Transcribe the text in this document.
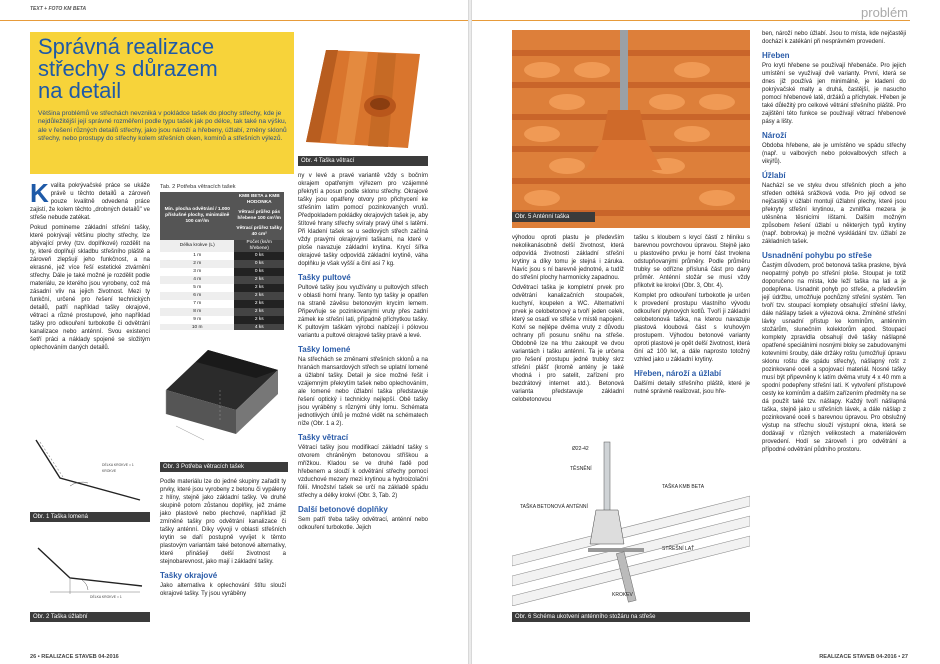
TEXT + FOTO KM BETA
Správná realizace střechy s důrazem na detail
Většina problémů ve střechách nevzniká v pokládce tašek do plochy střechy, kde je nejdůležitější její správné rozměření podle typu tašek jak po délce, tak také na výšku, ale v řešení různých detailů střechy, jako jsou nároží a hřebeny, úžlabí, změny sklonů střechy, nebo prostupy do střechy kolem střešních oken, komínů a střešních výlezů.
Obr. 4 Taška větrací
Tab. 2 Potřeba větracích tašek
Min. plocha odvětrání / 1.000 příslušné plochy, minimálně 100 cm²/m	KMB BETA a KMB HODONKA
	Větrací průřez pás hřebene 100 cm²/m
	Větrací průřez tašky 40 cm²
Délka krokve (L)	Počet (ks/m hřebene)
1 m	0 ks
2 m	0 ks
3 m	0 ks
4 m	2 ks
5 m	2 ks
6 m	2 ks
7 m	2 ks
8 m	2 ks
9 m	2 ks
10 m	4 ks

Kvalita pokrývačské práce se ukáže právě u těchto detailů a zároveň pouze kvalitně odvedená práce zajistí, že kolem těchto „drobných detailů" ve střeše nebude zatékat.

Pokud pomineme základní střešní tašky, které pokrývají většinu plochy střechy, lze abývající prvky (tzv. doplňkové) rozdělit na ty, které doplňují skladbu střešního pláště a zároveň zlepšují jeho funkčnost, a na ekrasné, jež více řeší estetické ztvárnění střechy. Dále je také možné je rozdělit podle materiálu, ze kterého jsou vyrobeny, což má zásadní vliv na jejich životnost. Mezi ty funkční, určené pro řešení technických detailů, patří například tašky okrajové, větrací a různé prostupové, jeho například tašky pro odkouření turbokotle či odvětrání kanalizace nebo anténní. Svou existencí šetří práci a náklady spojené se složitým oplechováním daných detailů.

DÉLKA KROKVE = 1
KROKVE
Obr. 1 Taška lomená
DÉLKA KROKVE = 1
Obr. 2 Taška úžlabní
Obr. 3 Potřeba větracích tašek

Podle materiálu lze do jedné skupiny zařadit ty prvky, které jsou vyrobeny z betonu či vypáleny z hlíny, stejně jako základní tašky. Ve druhé skupině potom zůstanou doplňky, jež známe jako plastové nebo plechové, například již zmíněné tašky pro odvětrání kanalizace či tašky anténní. Díky vývoji v oblasti střešních krytin se daří postupně vyvíjet k těmto plastovým variantám také betonové alternativy, které přinášejí delší životnost a stejnobarevnost, jako mají i základní tašky.

Tašky okrajové

Jako alternativa k oplechování štítu slouží okrajové tašky. Ty jsou vyráběny

ny v levé a pravé variantě vždy s bočním okrajem opatřeným výřezem pro vzájemné překrytí a posun podle sklonu střechy. Okrajové tašky jsou opatřeny otvory pro přichycení ke střešním latím pomocí pozinkovaných vrutů. Předpokladem pokládky okrajových tašek je, aby štítové hrany střechy svíraly pravý úhel s latěmi. Při kladení tašek se u sedlových střech začíná vždy pravými okrajovými taškami, na které v ploše navazuje základní krytina. Krycí šířka okrajové tašky odpovídá základní krytině, váha doplňku je však vyšší a činí asi 7 kg.

Tašky pultové

Pultové tašky jsou využívány u pultových střech v oblasti horní hrany. Tento typ tašky je opatřen na straně závěsu betonovým krycím lemem. Připevňuje se pozinkovanými vruty přes zadní zámek ke střešní lati, případně příchytkou tašky. K pultovým taškám výrobci nabízejí i pólovou variantu a pultové okrajové tašky pravé a levé.

Tašky lomené

Na střechách se změnami střešních sklonů a na hranách mansardových střech se uplatní lomené a úžlabní tašky. Detail je sice možné řešit i vzájemným překrytím tašek nebo oplechováním, ale lomené nebo úžlabní taška představuje řešení optický i technicky nejlepší. Obě tašky jsou vyráběny s různými úhly lomu. Schémata jednotlivých úhlů je možné vidět na schématech níže (Obr. 1 a 2).

Tašky větrací

Větrací tašky jsou modifikací základní tašky s otvorem chráněným betonovou stříškou a mřížkou. Kladou se ve druhé řadě pod hřebenem a slouží k odvětrání střechy pomocí vzduchové mezery mezi krytinou a hydroizolační fólií. Množství tašek se určí na základě spádu střechy a délky krokví (Obr. 3, Tab. 2)

Další betonové doplňky

Sem patří třeba tašky odvětrací, anténní nebo odkouření turbokotle. Jejich

26 • REALIZACE STAVEB 04-2016
problém
Obr. 5 Anténní taška

výhodou oproti plastu je především nekolikanásobně delší životnost, která odpovídá životnosti základní střešní krytiny a díky tomu je stejná i záruka. Navíc jsou s ní barevně jednotné, a tudíž do střešní plochy harmonicky zapadnou.

Odvětrací taška je kompletní prvek pro odvětrání kanalizačních stoupaček, kuchyní, koupelen a WC. Alternativní prvek je celobetonový a tvoří jeden celek, který se osadí ve střeše v místě napojení. Kotví se nejlépe dvěma vruty z důvodu ochrany při posunu sněhu na střeše. Obdobně lze na trhu zakoupit ve dvou variantách i tašku anténní. Ta je určena pro řešení prostupu jedné trubky skrz střešní plášť (kromě antény je také vhodná i pro satelit, zařízení pro bezdrátový internet atd.). Betonová varianta představuje základní celobetonovou

tašku s kloubem s krycí částí z hliníku s barevnou povrchovou úpravou. Stejně jako u plastového prvku je horní část trvolena odstupňovanými průměry. Podle průměru trubky se odřízne přísluná část pro daný průměr. Anténní stožár se musí vždy přikotvit ke krokvi (Obr. 3, Obr. 4).

Komplet pro odkouření turbokotle je určen k provedení prostupu vlastního vývodu odkouření plynových kotlů. Tvoří ji základní celobetonová taška, na kterou navazuje plastová kloubová část s kruhovým prostupem. Výhodou betonové varianty oproti plastové je opět delší životnost, která činí až 100 let, a dále naprosto totožný vzhled jako u základní krytiny.

Hřeben, nároží a úžlabí

Dalšími detaily střešního pláště, které je nutné správně realizovat, jsou hře-

Ø22-42
TĚSNĚNÍ
TAŠKA KMB BETA
TAŠKA BETONOVÁ ANTÉNNÍ
STŘEŠNÍ LAŤ
KROKEV
Obr. 6 Schéma ukotvení anténního stožáru na střeše

ben, nároží nebo úžlabí. Jsou to místa, kde nejčastěji dochází k zatékání při nesprávném provedení.

Hřeben

Pro krytí hřebene se používají hřebenáče. Pro jejich umístění se využívají dvě varianty. První, která se dnes již používá jen minimálně, je kladení do pokrývačské malty a druhá, častější, je nasucho pomocí hřebenové latě, držáků a příchytek. Hřeben je také důležitý pro celkové větrání střešního pláště. Pro zajištění této funkce se používají větrací hřebenové pásy a lišty.

Nároží

Obdoba hřebene, ale je umístěno ve spádu střechy (např. u valbových nebo polovalbových střech a vikýřů).

Úžlabí

Nachází se ve styku dvou střešních ploch a jeho středen odtéká srážková voda. Pro její odvod se nejčastěji v úžlabí montují úžlabní plechy, které jsou překryty střešní krytinou, a zvnitřka mezera je utěsněna těsnicími lištami. Dalším možným způsobem řešení úžlabí u některých typů krytiny (např. bobrovka) je možné vyskládání tzv. úžlabí ze základních tašek.

Usnadnění pohybu po střeše

Častým důvodem, proč betonová taška praskne, bývá neopatrný pohyb po střešní ploše. Stoupat je totiž doporučeno na místa, kde leží taška na lati a je podepřena. Usnadnit pohyb po střeše, a především její údržbu, umožňuje pochůzný střešní systém. Ten tvoří tzv. stoupací komplety obsahující střešní lávky, dále nášlapy tašek a výlezová okna. Zmíněné střešní lávky usnadní přístup ke komínům, anténním stožárům, slunečním kolektorům apod. Stoupací komplety zpravidla obsahují dvě tašky nášlapné opatřené speciálními nosnými bloky se zabudovanými kotevními šrouby, dále držáky roštu (umožňují úpravu sklonu roštu dle spádu střechy), nášlapný rošt z pozinkované oceli a spojovací materiál. Nosné tašky musí být připevněny k latím dvěma vruty 4 x 40 mm a spodní podepřeny střešní latí. K vytvoření přístupové cesty ke komínům a dalším zařízením předměty na se dá použít také tzv. nášlapy. Každý tvoří nášlapná taška, stejně jako u střešních lávek, a dále nášlap z pozinkované oceli s barevnou úpravou. Pro obslužný výstup na střechu slouží výstupní okna, která se dodávají v různých velikostech a materiálovém provedení. Hodí se zároveň i pro odvětrání a přípodné odvětrání půdního prostoru.

REALIZACE STAVEB 04-2016 • 27
